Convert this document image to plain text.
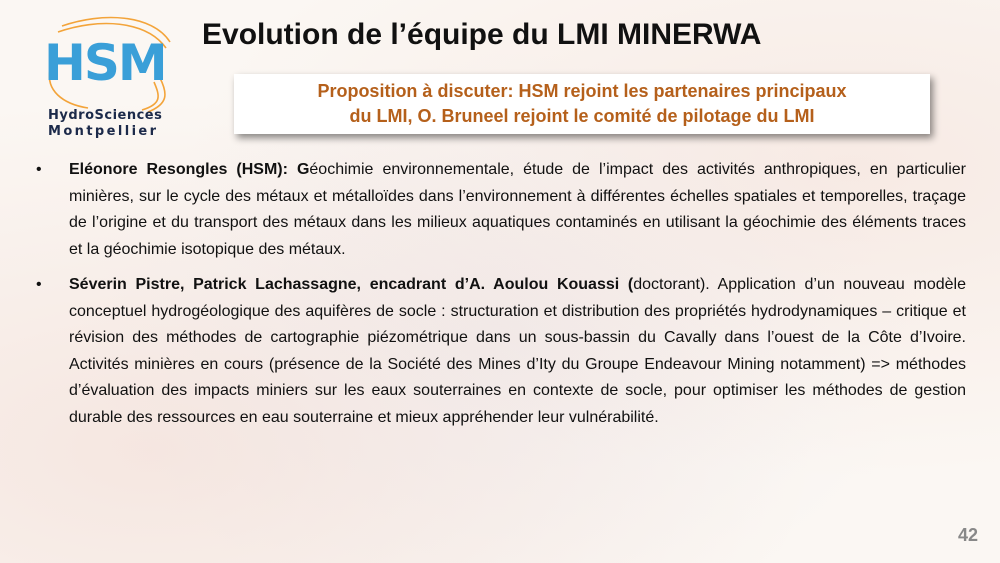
HSM
HydroSciences
Montpellier
Evolution de l’équipe du LMI MINERWA
Proposition à discuter: HSM rejoint les partenaires principaux
du LMI, O. Bruneel rejoint le comité de pilotage du LMI
• Eléonore Resongles (HSM): Géochimie environnementale, étude de l’impact des activités anthropiques, en particulier minières, sur le cycle des métaux et métalloïdes dans l’environnement à différentes échelles spatiales et temporelles, traçage de l’origine et du transport des métaux dans les milieux aquatiques contaminés en utilisant la géochimie des éléments traces et la géochimie isotopique des métaux.
• Séverin Pistre, Patrick Lachassagne, encadrant d’A. Aoulou Kouassi (doctorant). Application d’un nouveau modèle conceptuel hydrogéologique des aquifères de socle : structuration et distribution des propriétés hydrodynamiques – critique et révision des méthodes de cartographie piézométrique dans un sous-bassin du Cavally dans l’ouest de la Côte d’Ivoire. Activités minières en cours (présence de la Société des Mines d’Ity du Groupe Endeavour Mining notamment) => méthodes d’évaluation des impacts miniers sur les eaux souterraines en contexte de socle, pour optimiser les méthodes de gestion durable des ressources en eau souterraine et mieux appréhender leur vulnérabilité.
42
